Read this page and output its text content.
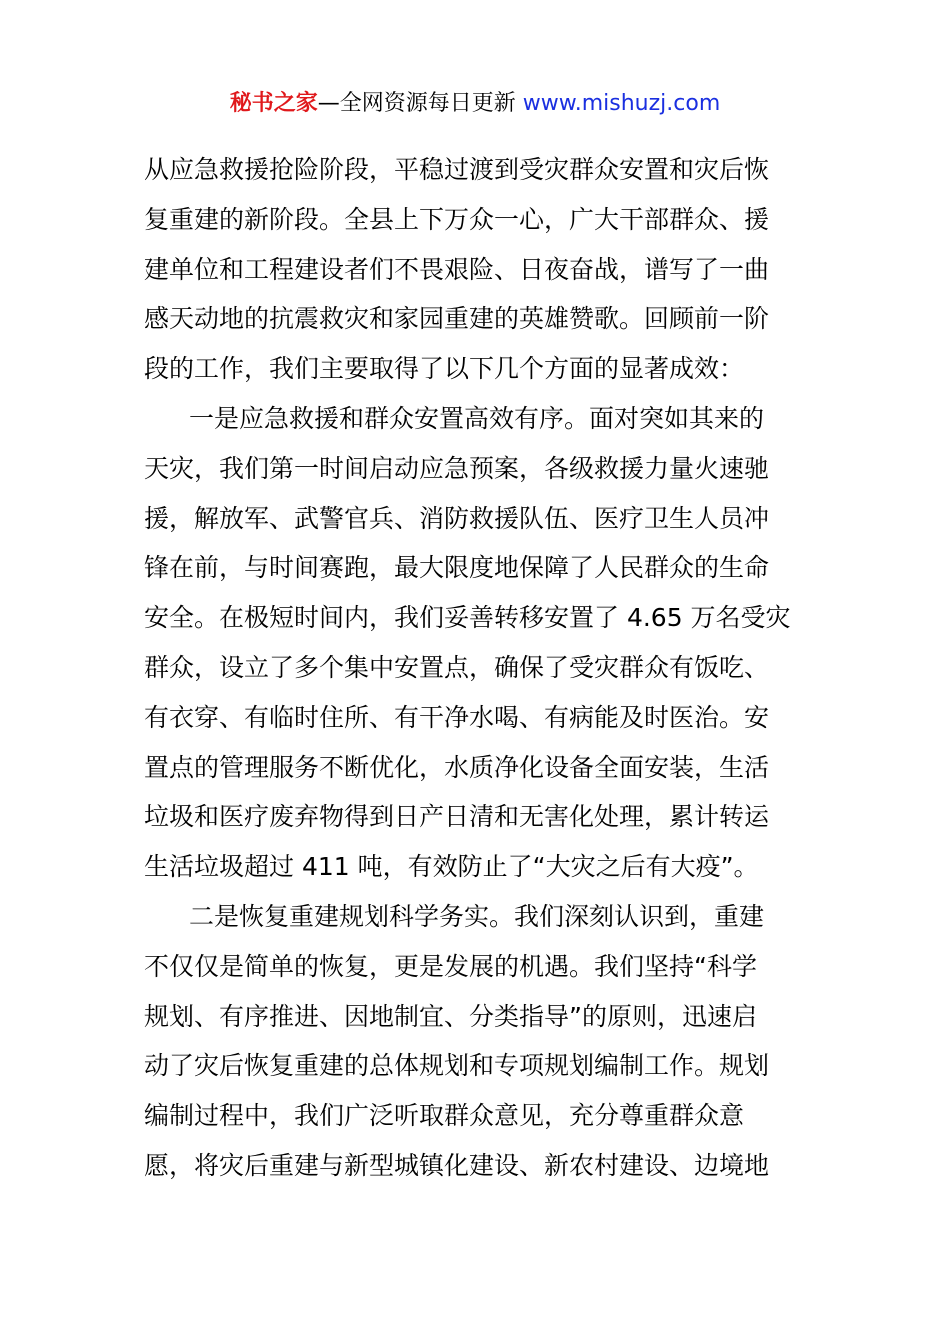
秘书之家—全网资源每日更新 www.mishuzj.com
从应急救援抢险阶段，平稳过渡到受灾群众安置和灾后恢
复重建的新阶段。全县上下万众一心，广大干部群众、援
建单位和工程建设者们不畏艰险、日夜奋战，谱写了一曲
感天动地的抗震救灾和家园重建的英雄赞歌。回顾前一阶
段的工作，我们主要取得了以下几个方面的显著成效：
一是应急救援和群众安置高效有序。面对突如其来的
天灾，我们第一时间启动应急预案，各级救援力量火速驰
援，解放军、武警官兵、消防救援队伍、医疗卫生人员冲
锋在前，与时间赛跑，最大限度地保障了人民群众的生命
安全。在极短时间内，我们妥善转移安置了 4.65 万名受灾
群众，设立了多个集中安置点，确保了受灾群众有饭吃、
有衣穿、有临时住所、有干净水喝、有病能及时医治。安
置点的管理服务不断优化，水质净化设备全面安装，生活
垃圾和医疗废弃物得到日产日清和无害化处理，累计转运
生活垃圾超过 411 吨，有效防止了“大灾之后有大疫”。
二是恢复重建规划科学务实。我们深刻认识到，重建
不仅仅是简单的恢复，更是发展的机遇。我们坚持“科学
规划、有序推进、因地制宜、分类指导”的原则，迅速启
动了灾后恢复重建的总体规划和专项规划编制工作。规划
编制过程中，我们广泛听取群众意见，充分尊重群众意
愿，将灾后重建与新型城镇化建设、新农村建设、边境地
